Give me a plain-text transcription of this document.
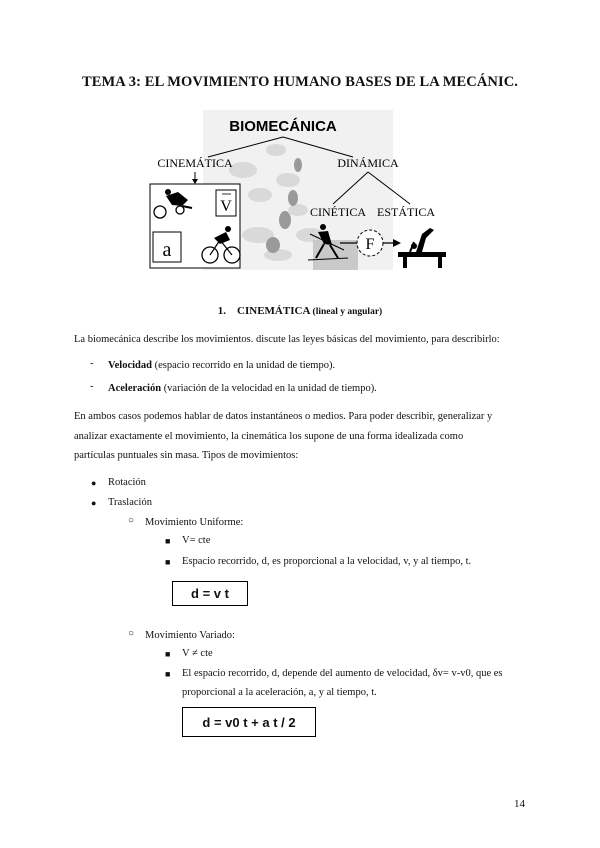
TEMA 3: EL MOVIMIENTO HUMANO BASES DE LA MECÁNIC.
BIOMECÁNICA
CINEMÁTICA	DINÁMICA
V
a
CINÉTICA ESTÁTICA
F
1. CINEMÁTICA (lineal y angular)
La biomecánica describe los movimientos. discute las leyes básicas del movimiento, para describirlo:
- Velocidad (espacio recorrido en la unidad de tiempo).
- Aceleración (variación de la velocidad en la unidad de tiempo).
En ambos casos podemos hablar de datos instantáneos o medios. Para poder describir, generalizar y
analizar exactamente el movimiento, la cinemática los supone de una forma idealizada como
partículas puntuales sin masa. Tipos de movimientos:
● Rotación
● Traslación
○ Movimiento Uniforme:
■ V= cte
■ Espacio recorrido, d, es proporcional a la velocidad, v, y al tiempo, t.
d = v t
○ Movimiento Variado:
■ V ≠ cte
■ El espacio recorrido, d, depende del aumento de velocidad, δv= v-v0, que es
proporcional a la aceleración, a, y al tiempo, t.
d = v0 t + a t / 2
14
